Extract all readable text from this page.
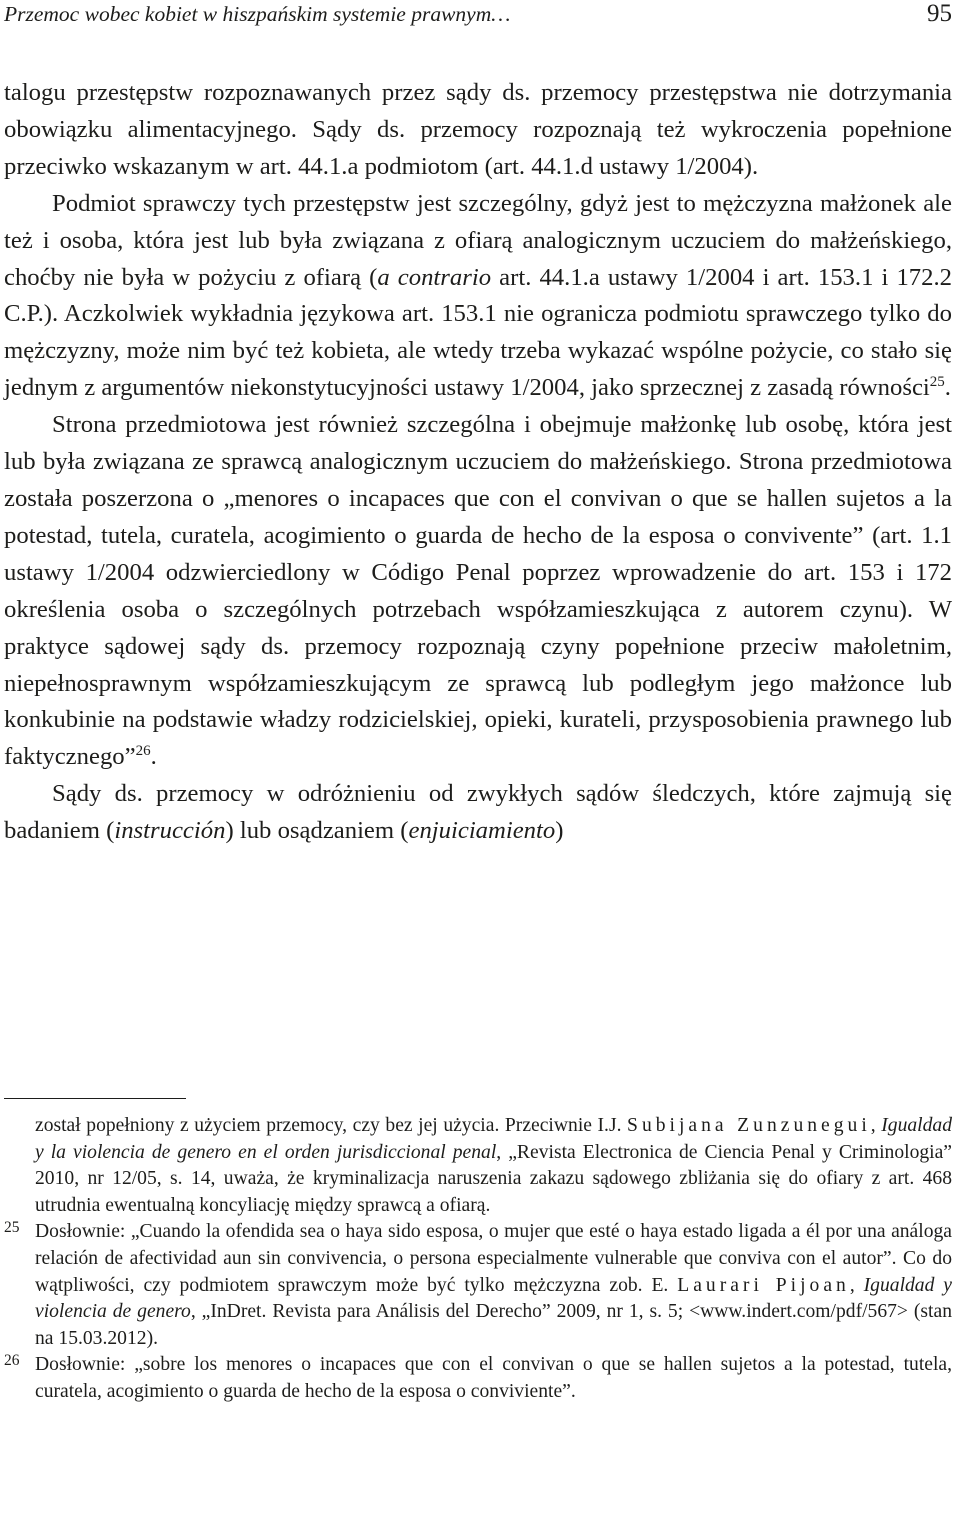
Przemoc wobec kobiet w hiszpańskim systemie prawnym…	95

talogu przestępstw rozpoznawanych przez sądy ds. przemocy przestępstwa nie dotrzymania obowiązku alimentacyjnego. Sądy ds. przemocy rozpoznają też wykroczenia popełnione przeciwko wskazanym w art. 44.1.a podmiotom (art. 44.1.d ustawy 1/2004).

Podmiot sprawczy tych przestępstw jest szczególny, gdyż jest to mężczyzna małżonek ale też i osoba, która jest lub była związana z ofiarą analogicznym uczuciem do małżeńskiego, choćby nie była w pożyciu z ofiarą (a contrario art. 44.1.a ustawy 1/2004 i art. 153.1 i 172.2 C.P.). Aczkolwiek wykładnia językowa art. 153.1 nie ogranicza podmiotu sprawczego tylko do mężczyzny, może nim być też kobieta, ale wtedy trzeba wykazać wspólne pożycie, co stało się jednym z argumentów niekonstytucyjności ustawy 1/2004, jako sprzecznej z zasadą równości$^{25}$.

Strona przedmiotowa jest również szczególna i obejmuje małżonkę lub osobę, która jest lub była związana ze sprawcą analogicznym uczuciem do małżeńskiego. Strona przedmiotowa została poszerzona o „menores o incapaces que con el convivan o que se hallen sujetos a la potestad, tutela, curatela, acogimiento o guarda de hecho de la esposa o convivente” (art. 1.1 ustawy 1/2004 odzwierciedlony w Código Penal poprzez wprowadzenie do art. 153 i 172 określenia osoba o szczególnych potrzebach współzamieszkująca z autorem czynu). W praktyce sądowej sądy ds. przemocy rozpoznają czyny popełnione przeciw małoletnim, niepełnosprawnym współzamieszkującym ze sprawcą lub podległym jego małżonce lub konkubinie na podstawie władzy rodzicielskiej, opieki, kurateli, przysposobienia prawnego lub faktycznego”$^{26}$.

Sądy ds. przemocy w odróżnieniu od zwykłych sądów śledczych, które zajmują się badaniem (instrucción) lub osądzaniem (enjuiciamiento)

został popełniony z użyciem przemocy, czy bez jej użycia. Przeciwnie I.J. Subijana Zunzunegui, Igualdad y la violencia de genero en el orden jurisdiccional penal, „Revista Electronica de Ciencia Penal y Criminologia” 2010, nr 12/05, s. 14, uważa, że kryminalizacja naruszenia zakazu sądowego zbliżania się do ofiary z art. 468 utrudnia ewentualną koncyliację między sprawcą a ofiarą.
25 Dosłownie: „Cuando la ofendida sea o haya sido esposa, o mujer que esté o haya estado ligada a él por una análoga relación de afectividad aun sin convivencia, o persona especialmente vulnerable que conviva con el autor”. Co do wątpliwości, czy podmiotem sprawczym może być tylko mężczyzna zob. E. Laurari Pijoan, Igualdad y violencia de genero, „InDret. Revista para Análisis del Derecho” 2009, nr 1, s. 5; <www.indert.com/pdf/567> (stan na 15.03.2012).
26 Dosłownie: „sobre los menores o incapaces que con el convivan o que se hallen sujetos a la potestad, tutela, curatela, acogimiento o guarda de hecho de la esposa o conviviente”.
